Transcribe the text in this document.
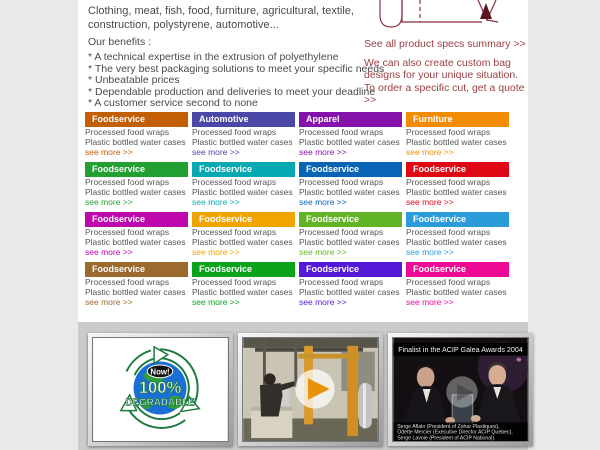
Clothing, meat, fish, food, furniture, agricultural, textile, construction, polystyrene, automotive...

Our benefits :

* A technical expertise in the extrusion of polyethylene
* The very best packaging solutions to meet your specific needs
* Unbeatable prices
* Dependable production and deliveries to meet your deadline
* A customer service second to none
See all product specs summary >>

We can also create custom bag designs for your unique situation.

To order a specific cut, get a quote >>
Foodservice
Processed food wraps
Plastic bottled water cases
see more >>
Automotive
Processed food wraps
Plastic bottled water cases
see more >>
Apparel
Processed food wraps
Plastic bottled water cases
see more >>
Furniture
Processed food wraps
Plastic bottled water cases
see more >>
Foodservice
Processed food wraps
Plastic bottled water cases
see more >>
Foodservice
Processed food wraps
Plastic bottled water cases
see more >>
Foodservice
Processed food wraps
Plastic bottled water cases
see more >>
Foodservice
Processed food wraps
Plastic bottled water cases
see more >>
Foodservice
Processed food wraps
Plastic bottled water cases
see more >>
Foodservice
Processed food wraps
Plastic bottled water cases
see more >>
Foodservice
Processed food wraps
Plastic bottled water cases
see more >>
Foodservice
Processed food wraps
Plastic bottled water cases
see more >>
Foodservice
Processed food wraps
Plastic bottled water cases
see more >>
Foodservice
Processed food wraps
Plastic bottled water cases
see more >>
Foodservice
Processed food wraps
Plastic bottled water cases
see more >>
Foodservice
Processed food wraps
Plastic bottled water cases
see more >>
Now!
100%
DEGRADABLE
Finalist in the ACIP Galea Awards 2004
Serge Aflalo (President of Zohar Plastiques),
Odette Mercier (Executive Director ACIP Quebec),
Serge Lavoie (President of ACIP National).
